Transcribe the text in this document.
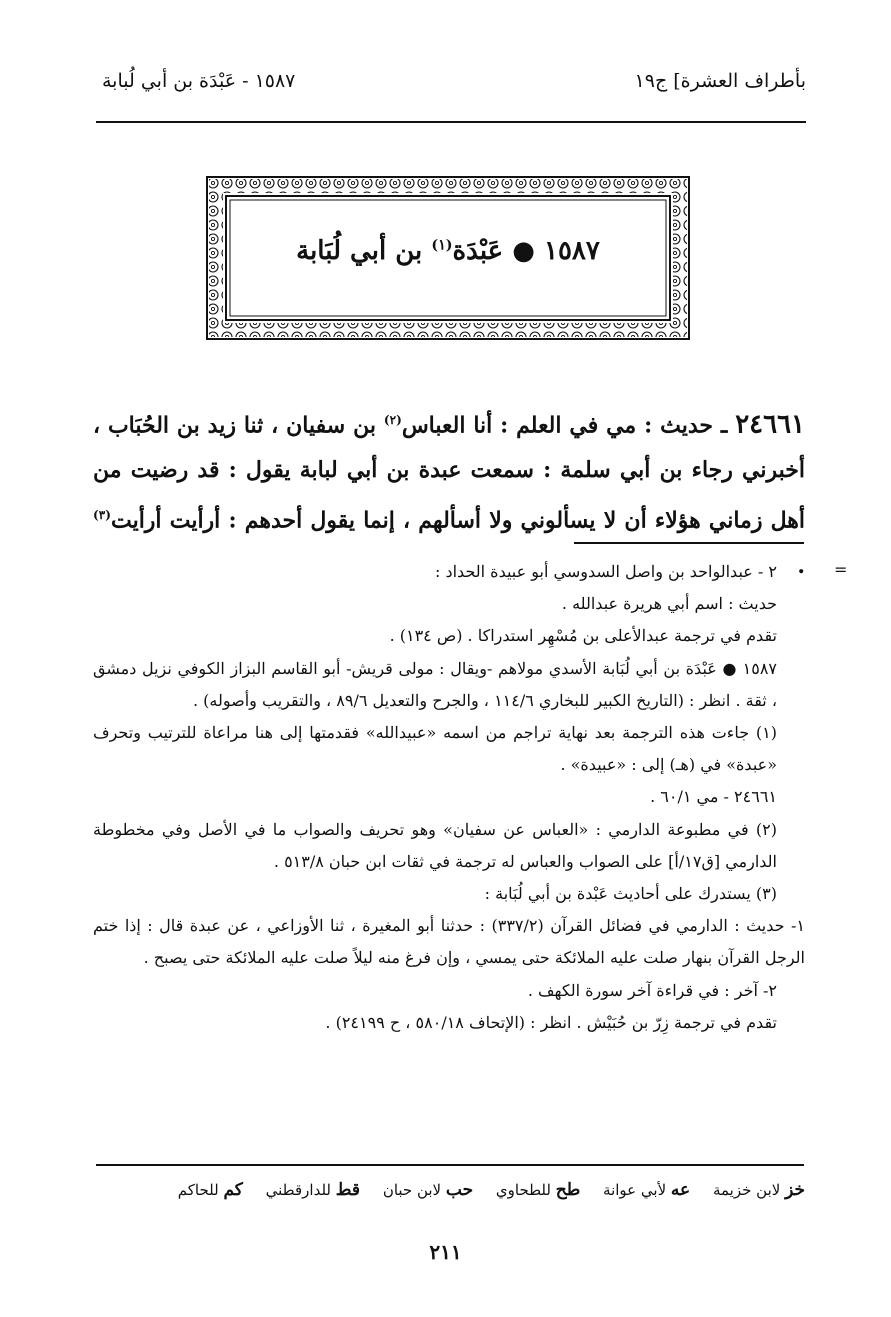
بأطراف العشرة] ج١٩
١٥٨٧ - عَبْدَة بن أبي لُبابة
١٥٨٧ ● عَبْدَة$^{(١)}$ بن أبي لُبَابة

٢٤٦٦١ ـ حديث : مي في العلم : أنا العباس$^{(٢)}$ بن سفيان ، ثنا زيد بن الحُبَاب ، أخبرني رجاء بن أبي سلمة : سمعت عبدة بن أبي لبابة يقول : قد رضيت من أهل زماني هؤلاء أن لا يسألوني ولا أسألهم ، إنما يقول أحدهم : أرأيت أرأيت$^{(٣)}$ . =

٢ - عبدالواحد بن واصل السدوسي أبو عبيدة الحداد :

حديث : اسم أبي هريرة عبدالله .

تقدم في ترجمة عبدالأعلى بن مُسْهِر استدراكا . (ص ١٣٤) .

١٥٨٧ ● عَبْدَة بن أبي لُبَابة الأسدي مولاهم -ويقال : مولى قريش- أبو القاسم البزاز الكوفي نزيل دمشق ، ثقة . انظر : (التاريخ الكبير للبخاري ١١٤/٦ ، والجرح والتعديل ٨٩/٦ ، والتقريب وأصوله) .

(١) جاءت هذه الترجمة بعد نهاية تراجم من اسمه «عبيدالله» فقدمتها إلى هنا مراعاة للترتيب وتحرف «عبدة» في (هـ) إلى : «عبيدة» .

٢٤٦٦١ - مي ٦٠/١ .

(٢) في مطبوعة الدارمي : «العباس عن سفيان» وهو تحريف والصواب ما في الأصل وفي مخطوطة الدارمي [ق١٧/أ] على الصواب والعباس له ترجمة في ثقات ابن حبان ٥١٣/٨ .

(٣) يستدرك على أحاديث عَبْدة بن أبي لُبَابة :

١- حديث : الدارمي في فضائل القرآن (٣٣٧/٢) : حدثنا أبو المغيرة ، ثنا الأوزاعي ، عن عبدة قال : إذا ختم الرجل القرآن بنهار صلت عليه الملائكة حتى يمسي ، وإن فرغ منه ليلاً صلت عليه الملائكة حتى يصبح .

٢- آخر : في قراءة آخر سورة الكهف .

تقدم في ترجمة زِرّ بن حُبَيْش . انظر : (الإتحاف ٥٨٠/١٨ ، ح ٢٤١٩٩) .

خز لابن خزيمة عه لأبي عوانة طح للطحاوي حب لابن حبان قط للدارقطني كم للحاكم
٢١١
